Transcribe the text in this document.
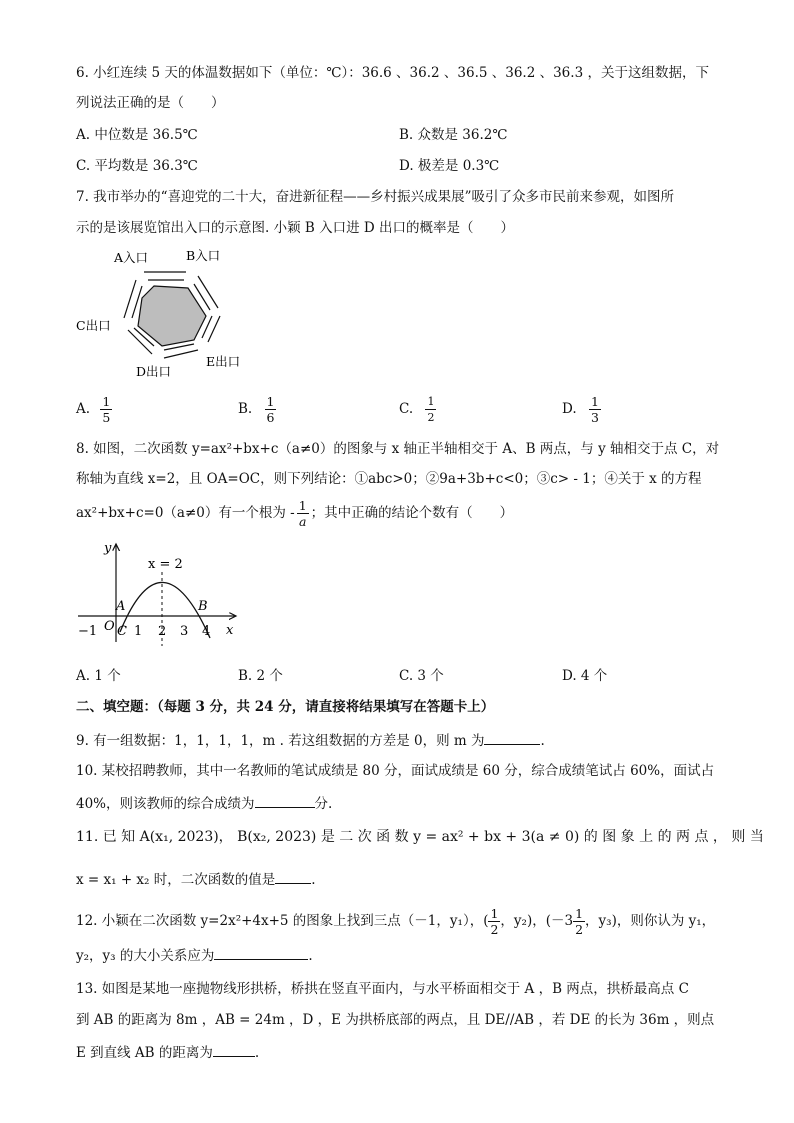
6. 小红连续 5 天的体温数据如下（单位：℃）：36.6 、36.2 、36.5 、36.2 、36.3 ，关于这组数据，下
列说法正确的是（　　）
A. 中位数是 36.5℃	B. 众数是 36.2℃
C. 平均数是 36.3℃	D. 极差是 0.3℃
7. 我市举办的“喜迎党的二十大，奋进新征程——乡村振兴成果展”吸引了众多市民前来参观，如图所
示的是该展览馆出入口的示意图. 小颖 B 入口进 D 出口的概率是（　　）
A入口	B入口
C出口
D出口
E出口
A. $\frac{1}{5}$	B. $\frac{1}{6}$	C. $\frac{1}{2}$	D. $\frac{1}{3}$
8. 如图，二次函数 y=ax²+bx+c（a≠0）的图象与 x 轴正半轴相交于 A、B 两点，与 y 轴相交于点 C，对
称轴为直线 x=2，且 OA=OC，则下列结论：①abc>0；②9a+3b+c<0；③c> - 1；④关于 x 的方程
ax²+bx+c=0（a≠0）有一个根为 - $\frac{1}{a}$ ；其中正确的结论个数有（　　）
y
x
x = 2
A	B
C
O
−1	1 2 3 4
A. 1 个	B. 2 个	C. 3 个	D. 4 个
二、填空题：（每题 3 分，共 24 分，请直接将结果填写在答题卡上）
9. 有一组数据：1，1，1，1，m . 若这组数据的方差是 0，则 m 为	.
10. 某校招聘教师，其中一名教师的笔试成绩是 80 分，面试成绩是 60 分，综合成绩笔试占 60%，面试占
40%，则该教师的综合成绩为	分.
11. 已 知 A(x₁, 2023)， B(x₂, 2023) 是 二 次 函 数 y = ax² + bx + 3(a ≠ 0) 的 图 象 上 的 两 点 ， 则 当
x = x₁ + x₂ 时，二次函数的值是	.
12. 小颖在二次函数 y=2x²+4x+5 的图象上找到三点（－1，y₁），( $\frac{1}{2}$ ，y₂)，($-3 \frac{1}{2}$ ，y₃)，则你认为 y₁，
y₂，y₃ 的大小关系应为	.
13. 如图是某地一座抛物线形拱桥，桥拱在竖直平面内，与水平桥面相交于 A ，B 两点，拱桥最高点 C
到 AB 的距离为 8m ，AB = 24m ，D ，E 为拱桥底部的两点，且 DE//AB ，若 DE 的长为 36m ，则点
E 到直线 AB 的距离为	.
